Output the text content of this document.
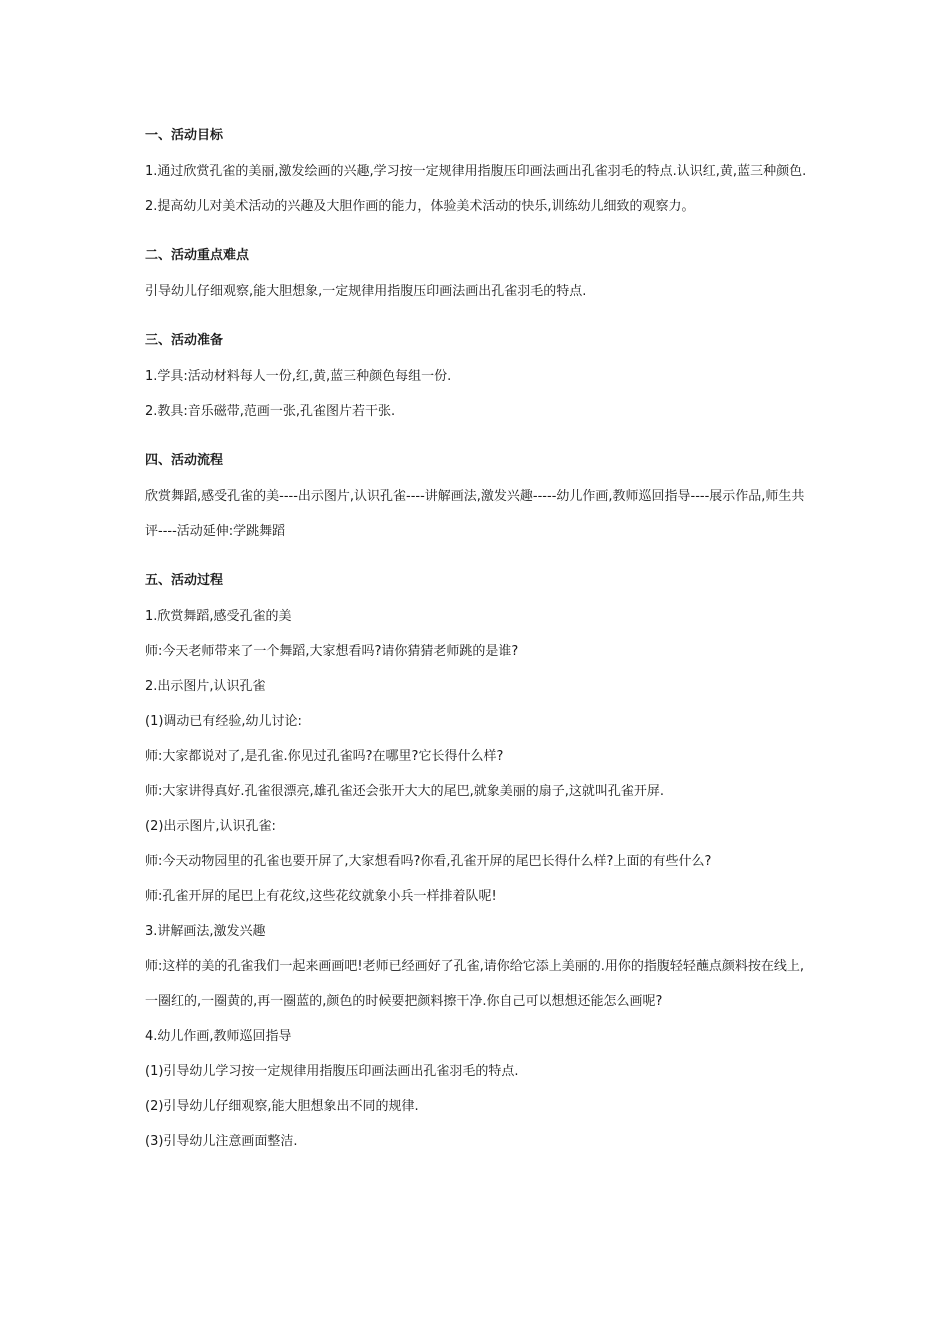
一、活动目标

1.通过欣赏孔雀的美丽,激发绘画的兴趣,学习按一定规律用指腹压印画法画出孔雀羽毛的特点.认识红,黄,蓝三种颜色.

2.提高幼儿对美术活动的兴趣及大胆作画的能力，体验美术活动的快乐,训练幼儿细致的观察力。

二、活动重点难点

引导幼儿仔细观察,能大胆想象,一定规律用指腹压印画法画出孔雀羽毛的特点.

三、活动准备

1.学具:活动材料每人一份,红,黄,蓝三种颜色每组一份.

2.教具:音乐磁带,范画一张,孔雀图片若干张.

四、活动流程

欣赏舞蹈,感受孔雀的美----出示图片,认识孔雀----讲解画法,激发兴趣-----幼儿作画,教师巡回指导----展示作品,师生共评----活动延伸:学跳舞蹈

五、活动过程

1.欣赏舞蹈,感受孔雀的美

师:今天老师带来了一个舞蹈,大家想看吗?请你猜猜老师跳的是谁?

2.出示图片,认识孔雀

(1)调动已有经验,幼儿讨论:

师:大家都说对了,是孔雀.你见过孔雀吗?在哪里?它长得什么样?

师:大家讲得真好.孔雀很漂亮,雄孔雀还会张开大大的尾巴,就象美丽的扇子,这就叫孔雀开屏.

(2)出示图片,认识孔雀:

师:今天动物园里的孔雀也要开屏了,大家想看吗?你看,孔雀开屏的尾巴长得什么样?上面的有些什么?

师:孔雀开屏的尾巴上有花纹,这些花纹就象小兵一样排着队呢!

3.讲解画法,激发兴趣

师:这样的美的孔雀我们一起来画画吧!老师已经画好了孔雀,请你给它添上美丽的.用你的指腹轻轻蘸点颜料按在线上,一圈红的,一圈黄的,再一圈蓝的,颜色的时候要把颜料擦干净.你自己可以想想还能怎么画呢?

4.幼儿作画,教师巡回指导

(1)引导幼儿学习按一定规律用指腹压印画法画出孔雀羽毛的特点.

(2)引导幼儿仔细观察,能大胆想象出不同的规律.

(3)引导幼儿注意画面整洁.
